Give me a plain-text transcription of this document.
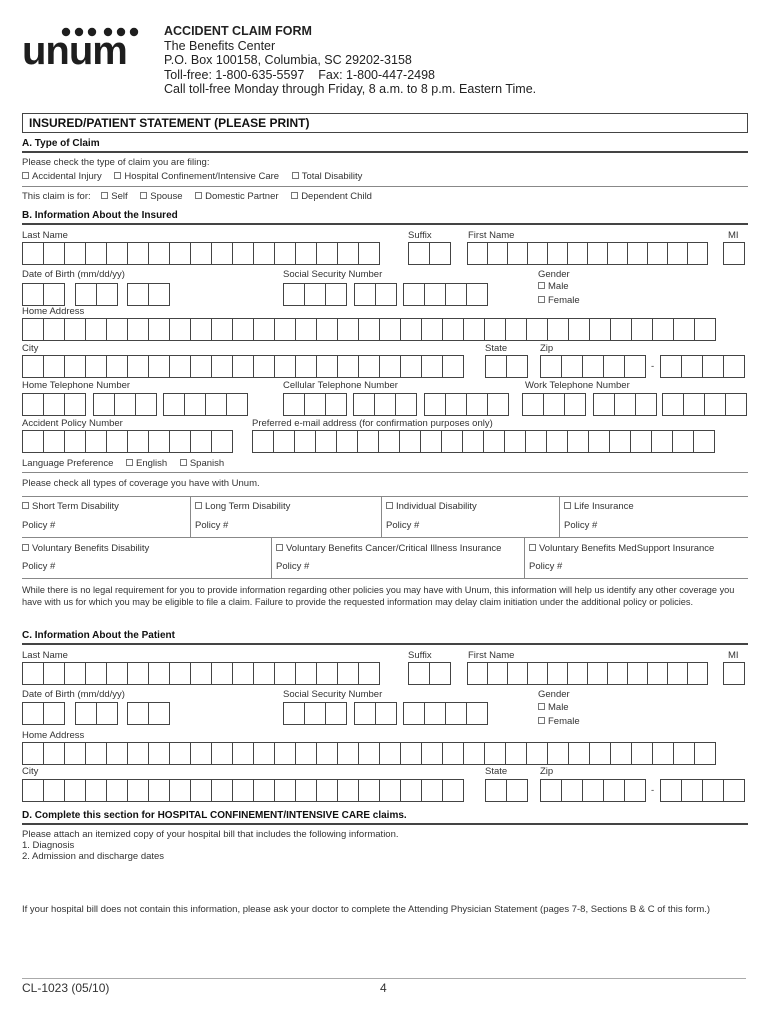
unum	ACCIDENT CLAIM FORM
The Benefits Center
P.O. Box 100158, Columbia, SC 29202-3158
Toll-free: 1-800-635-5597    Fax: 1-800-447-2498
Call toll-free Monday through Friday, 8 a.m. to 8 p.m. Eastern Time.
INSURED/PATIENT STATEMENT (PLEASE PRINT)
A. Type of Claim
Please check the type of claim you are filing:
Accidental Injury Hospital Confinement/Intensive Care Total Disability
This claim is for: Self Spouse Domestic Partner Dependent Child
B. Information About the Insured
Last Name	Suffix	First Name	MI
Date of Birth (mm/dd/yy)	Social Security Number	Gender
Male
Female
Home Address
City	State	Zip
-
Home Telephone Number	Cellular Telephone Number	Work Telephone Number
Accident Policy Number	Preferred e-mail address (for confirmation purposes only)
Language Preference English Spanish
Please check all types of coverage you have with Unum.
Short Term Disability	Long Term Disability	Individual Disability	Life Insurance
Policy #	Policy #	Policy #	Policy #
Voluntary Benefits Disability	Voluntary Benefits Cancer/Critical Illness Insurance	Voluntary Benefits MedSupport Insurance
Policy #	Policy #	Policy #
While there is no legal requirement for you to provide information regarding other policies you may have with Unum, this information will help us identify any other coverage you have with us for which you may be eligible to file a claim. Failure to provide the requested information may delay claim initiation under the additional policy or policies.
C. Information About the Patient
Last Name	Suffix	First Name	MI
Date of Birth (mm/dd/yy)	Social Security Number	Gender
Male
Female
Home Address
City	State	Zip
-
D. Complete this section for HOSPITAL CONFINEMENT/INTENSIVE CARE claims.
Please attach an itemized copy of your hospital bill that includes the following information.
1. Diagnosis
2. Admission and discharge dates
If your hospital bill does not contain this information, please ask your doctor to complete the Attending Physician Statement (pages 7-8, Sections B & C of this form.)
CL-1023 (05/10)	4
